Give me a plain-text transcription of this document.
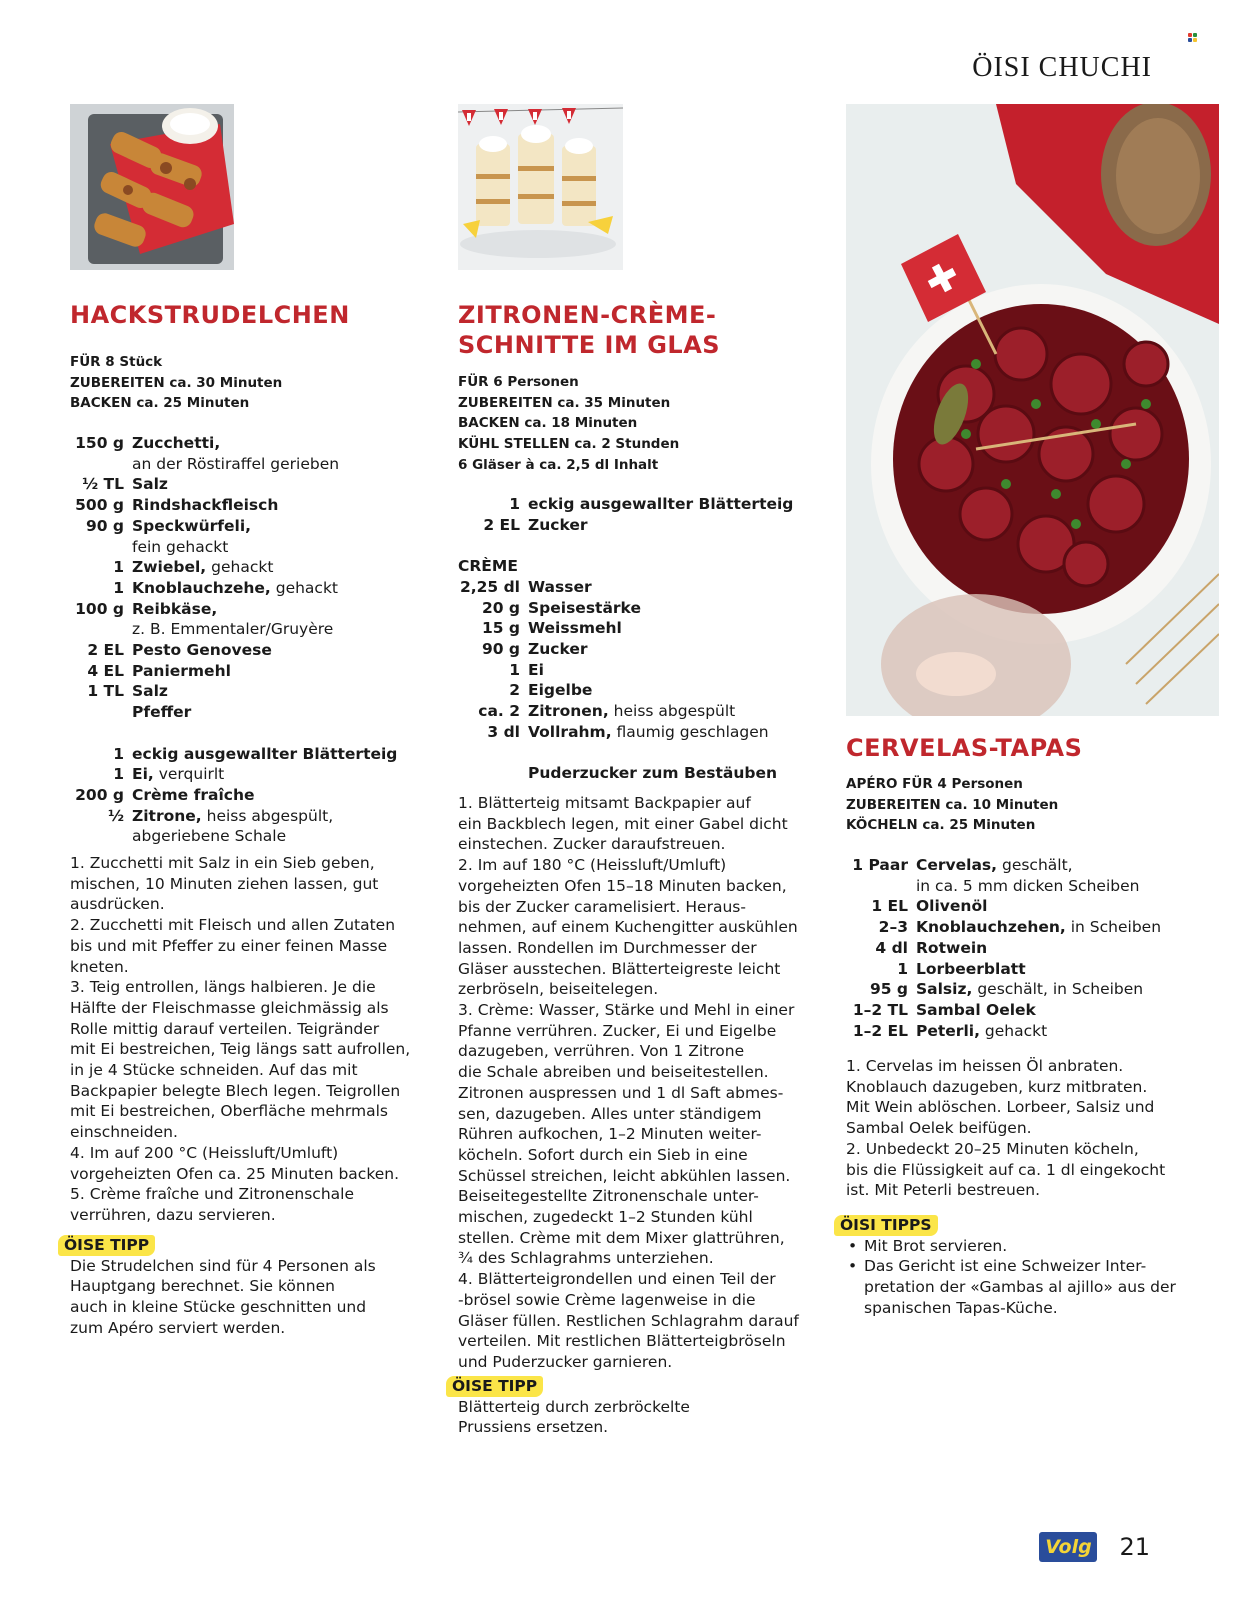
ÖISI CHUCHI
HACKSTRUDELCHEN
FÜR 8 Stück
ZUBEREITEN ca. 30 Minuten
BACKEN ca. 25 Minuten
150 g Zucchetti,
an der Röstiraffel gerieben
½ TL Salz
500 g Rindshackfleisch
90 g Speckwürfeli,
fein gehackt
1 Zwiebel, gehackt
1 Knoblauchzehe, gehackt
100 g Reibkäse,
z. B. Emmentaler/Gruyère
2 EL Pesto Genovese
4 EL Paniermehl
1 TL Salz
Pfeffer
1 eckig ausgewallter Blätterteig
1 Ei, verquirlt
200 g Crème fraîche
½ Zitrone, heiss abgespült,
abgeriebene Schale

1. Zucchetti mit Salz in ein Sieb geben,
mischen, 10 Minuten ziehen lassen, gut
ausdrücken.
2. Zucchetti mit Fleisch und allen Zutaten
bis und mit Pfeffer zu einer feinen Masse
kneten.
3. Teig entrollen, längs halbieren. Je die
Hälfte der Fleischmasse gleichmässig als
Rolle mittig darauf verteilen. Teigränder
mit Ei bestreichen, Teig längs satt aufrollen,
in je 4 Stücke schneiden. Auf das mit
Backpapier belegte Blech legen. Teigrollen
mit Ei bestreichen, Oberfläche mehrmals
einschneiden.
4. Im auf 200 °C (Heissluft/Umluft)
vorgeheizten Ofen ca. 25 Minuten backen.
5. Crème fraîche und Zitronenschale
verrühren, dazu servieren.

ÖISE TIPP

Die Strudelchen sind für 4 Personen als
Hauptgang berechnet. Sie können
auch in kleine Stücke geschnitten und
zum Apéro serviert werden.

ZITRONEN-CRÈME-
SCHNITTE IM GLAS
FÜR 6 Personen
ZUBEREITEN ca. 35 Minuten
BACKEN ca. 18 Minuten
KÜHL STELLEN ca. 2 Stunden
6 Gläser à ca. 2,5 dl Inhalt
1 eckig ausgewallter Blätterteig
2 EL Zucker
CRÈME
2,25 dl Wasser
20 g Speisestärke
15 g Weissmehl
90 g Zucker
1 Ei
2 Eigelbe
ca. 2 Zitronen, heiss abgespült
3 dl Vollrahm, flaumig geschlagen
Puderzucker zum Bestäuben

1. Blätterteig mitsamt Backpapier auf
ein Backblech legen, mit einer Gabel dicht
einstechen. Zucker daraufstreuen.
2. Im auf 180 °C (Heissluft/Umluft)
vorgeheizten Ofen 15–18 Minuten backen,
bis der Zucker caramelisiert. Heraus-
nehmen, auf einem Kuchengitter auskühlen
lassen. Rondellen im Durchmesser der
Gläser ausstechen. Blätterteigreste leicht
zerbröseln, beiseitelegen.
3. Crème: Wasser, Stärke und Mehl in einer
Pfanne verrühren. Zucker, Ei und Eigelbe
dazugeben, verrühren. Von 1 Zitrone
die Schale abreiben und beiseitestellen.
Zitronen auspressen und 1 dl Saft abmes-
sen, dazugeben. Alles unter ständigem
Rühren aufkochen, 1–2 Minuten weiter-
köcheln. Sofort durch ein Sieb in eine
Schüssel streichen, leicht abkühlen lassen.
Beiseitegestellte Zitronenschale unter-
mischen, zugedeckt 1–2 Stunden kühl
stellen. Crème mit dem Mixer glattrühren,
¾ des Schlagrahms unterziehen.
4. Blätterteigrondellen und einen Teil der
-brösel sowie Crème lagenweise in die
Gläser füllen. Restlichen Schlagrahm darauf
verteilen. Mit restlichen Blätterteigbröseln
und Puderzucker garnieren.

ÖISE TIPP

Blätterteig durch zerbröckelte
Prussiens ersetzen.

CERVELAS-TAPAS
APÉRO FÜR 4 Personen
ZUBEREITEN ca. 10 Minuten
KÖCHELN ca. 25 Minuten
1 Paar Cervelas, geschält,
in ca. 5 mm dicken Scheiben
1 EL Olivenöl
2–3 Knoblauchzehen, in Scheiben
4 dl Rotwein
1 Lorbeerblatt
95 g Salsiz, geschält, in Scheiben
1–2 TL Sambal Oelek
1–2 EL Peterli, gehackt

1. Cervelas im heissen Öl anbraten.
Knoblauch dazugeben, kurz mitbraten.
Mit Wein ablöschen. Lorbeer, Salsiz und
Sambal Oelek beifügen.
2. Unbedeckt 20–25 Minuten köcheln,
bis die Flüssigkeit auf ca. 1 dl eingekocht
ist. Mit Peterli bestreuen.

ÖISI TIPPS
• Mit Brot servieren.
• Das Gericht ist eine Schweizer Inter-
pretation der «Gambas al ajillo» aus der
spanischen Tapas-Küche.
Volg 21
